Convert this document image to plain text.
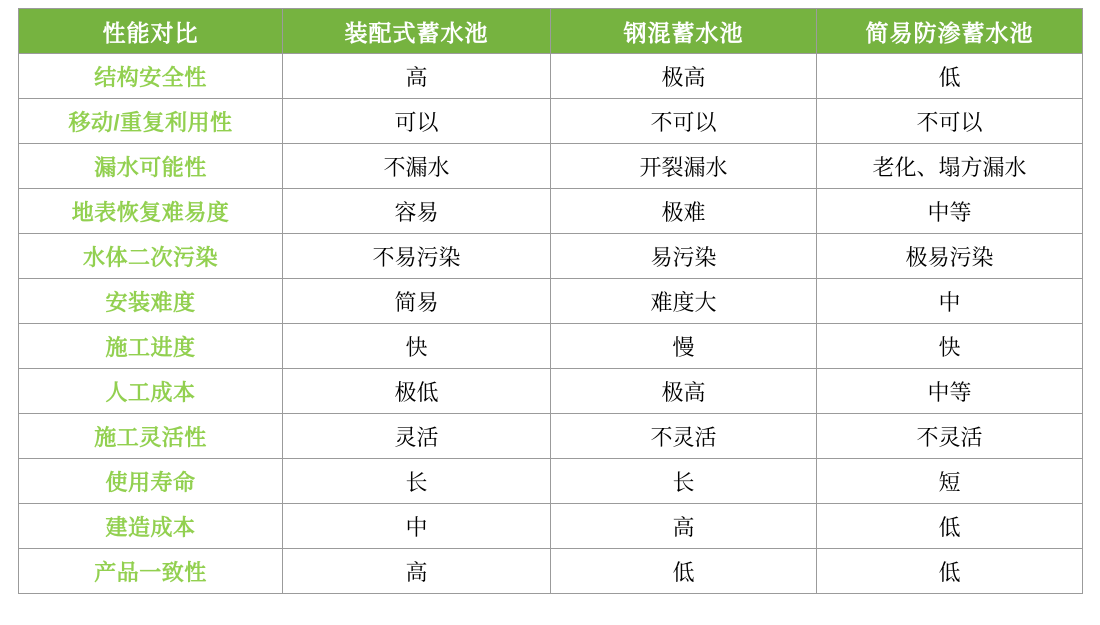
性能对比	装配式蓄水池	钢混蓄水池	简易防渗蓄水池
结构安全性	高	极高	低
移动/重复利用性	可以	不可以	不可以
漏水可能性	不漏水	开裂漏水	老化、塌方漏水
地表恢复难易度	容易	极难	中等
水体二次污染	不易污染	易污染	极易污染
安装难度	简易	难度大	中
施工进度	快	慢	快
人工成本	极低	极高	中等
施工灵活性	灵活	不灵活	不灵活
使用寿命	长	长	短
建造成本	中	高	低
产品一致性	高	低	低
